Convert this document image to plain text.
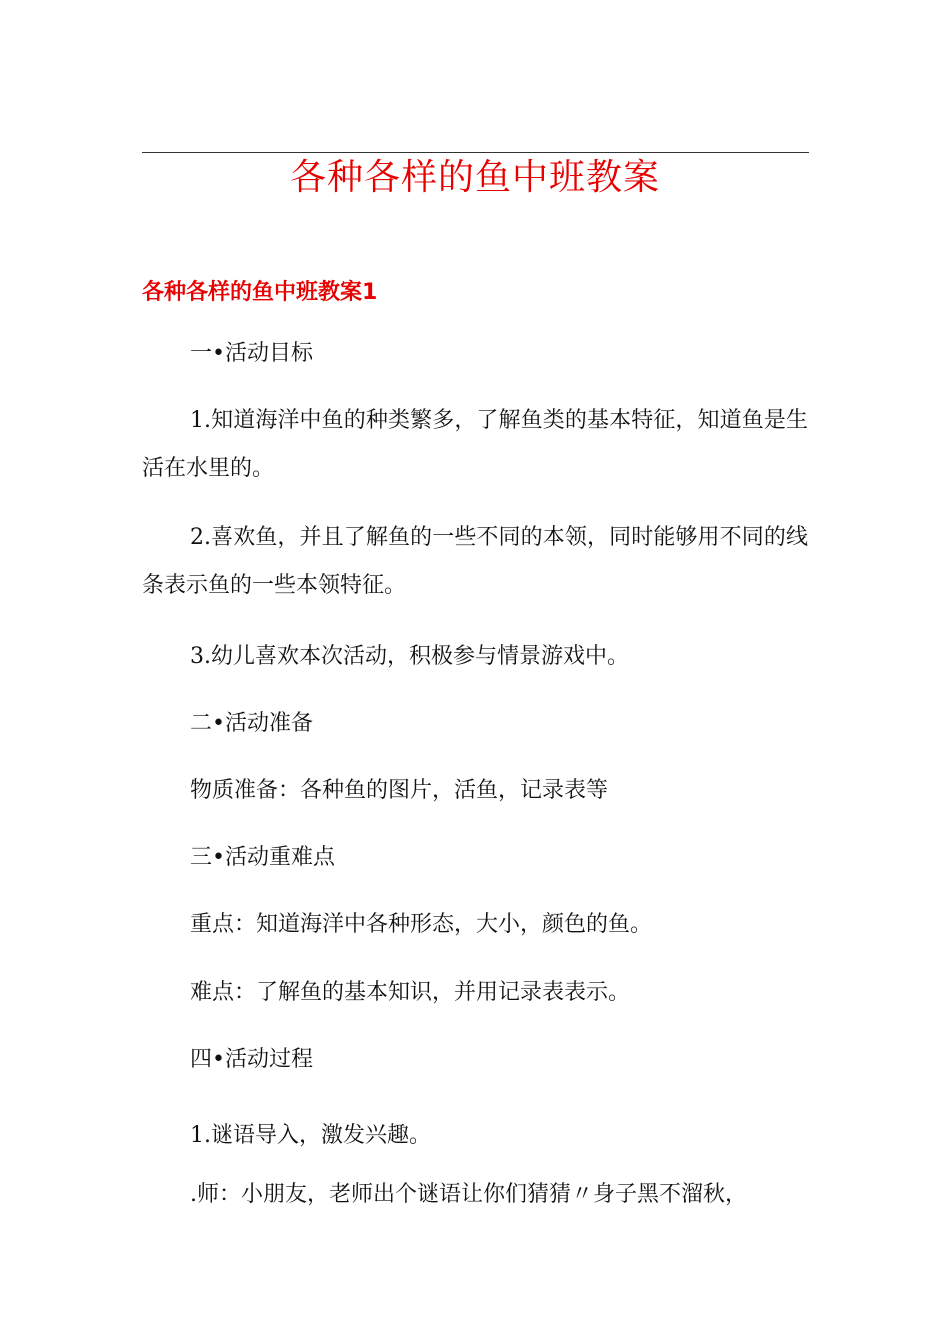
各种各样的鱼中班教案
各种各样的鱼中班教案1

一•活动目标

1.知道海洋中鱼的种类繁多，了解鱼类的基本特征，知道鱼是生活在水里的。

2.喜欢鱼，并且了解鱼的一些不同的本领，同时能够用不同的线条表示鱼的一些本领特征。

3.幼儿喜欢本次活动，积极参与情景游戏中。

二•活动准备

物质准备：各种鱼的图片，活鱼，记录表等

三•活动重难点

重点：知道海洋中各种形态，大小，颜色的鱼。

难点：了解鱼的基本知识，并用记录表表示。

四•活动过程

1.谜语导入，激发兴趣。

.师：小朋友，老师出个谜语让你们猜猜〃身子黑不溜秋，
